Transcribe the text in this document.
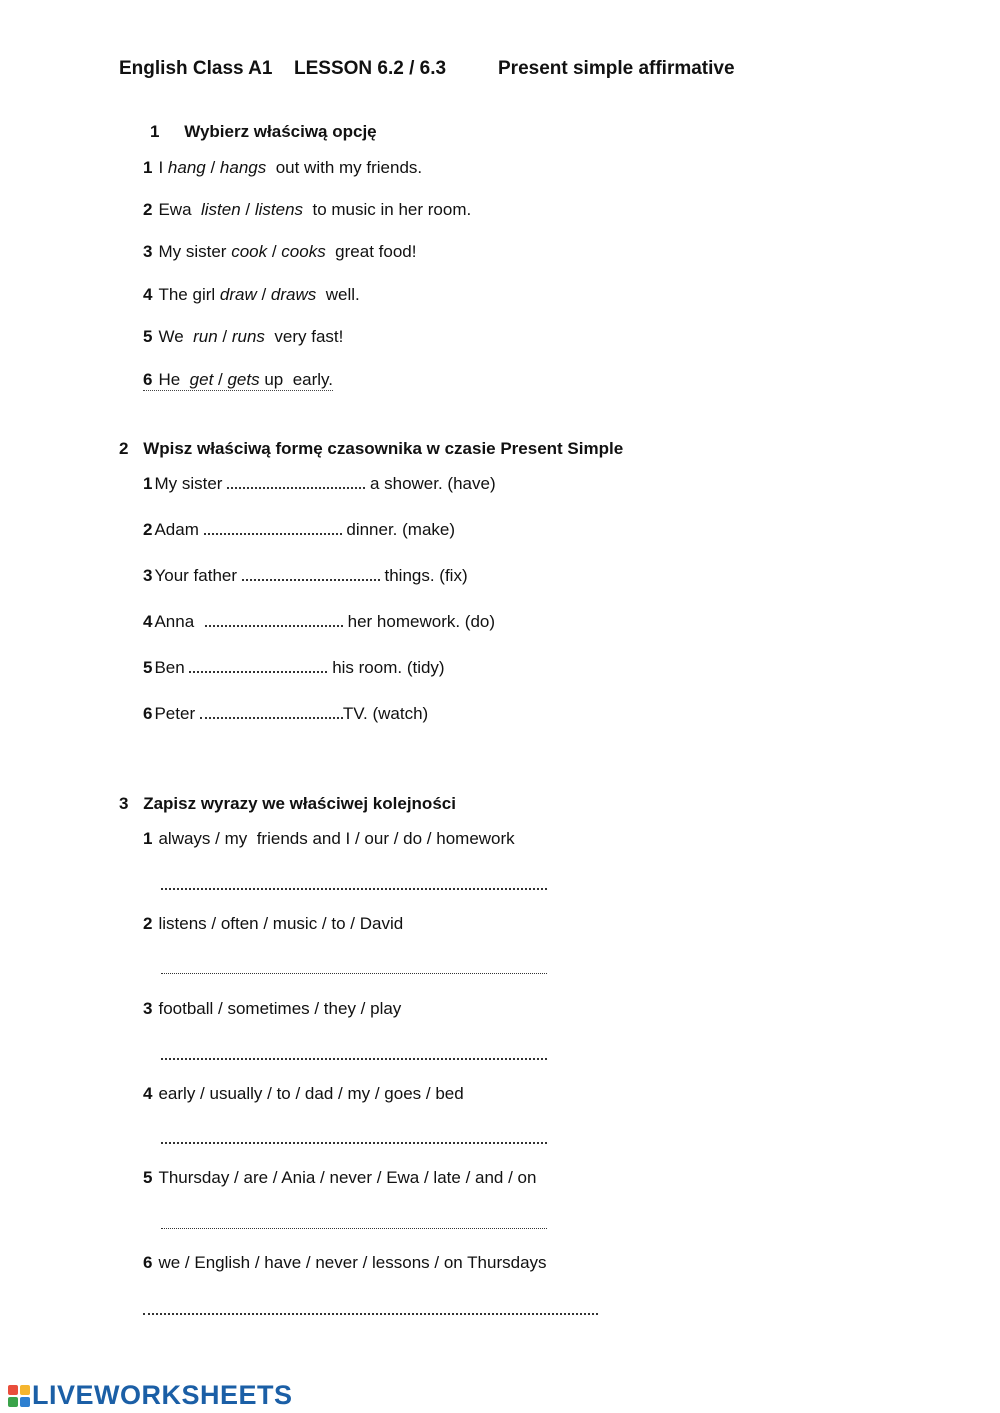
English Class A1 LESSON 6.2 / 6.3	Present simple affirmative
1 Wybierz właściwą opcję
1 I hang / hangs  out with my friends.
2 Ewa  listen / listens  to music in her room.
3 My sister cook / cooks  great food!
4 The girl draw / draws  well.
5 We  run / runs  very fast!
6 He  get / gets up  early.
2 Wpisz właściwą formę czasownika w czasie Present Simple
1 My sister	a shower. (have)
2 Adam	dinner. (make)
3 Your father	things. (fix)
4 Anna	her homework. (do)
5 Ben	his room. (tidy)
6 Peter	TV. (watch)
3 Zapisz wyrazy we właściwej kolejności
1 always / my  friends and I / our / do / homework
2 listens / often / music / to / David
3 football / sometimes / they / play
4 early / usually / to / dad / my / goes / bed
5 Thursday / are / Ania / never / Ewa / late / and / on
6 we / English / have / never / lessons / on Thursdays
LIVEWORKSHEETS
